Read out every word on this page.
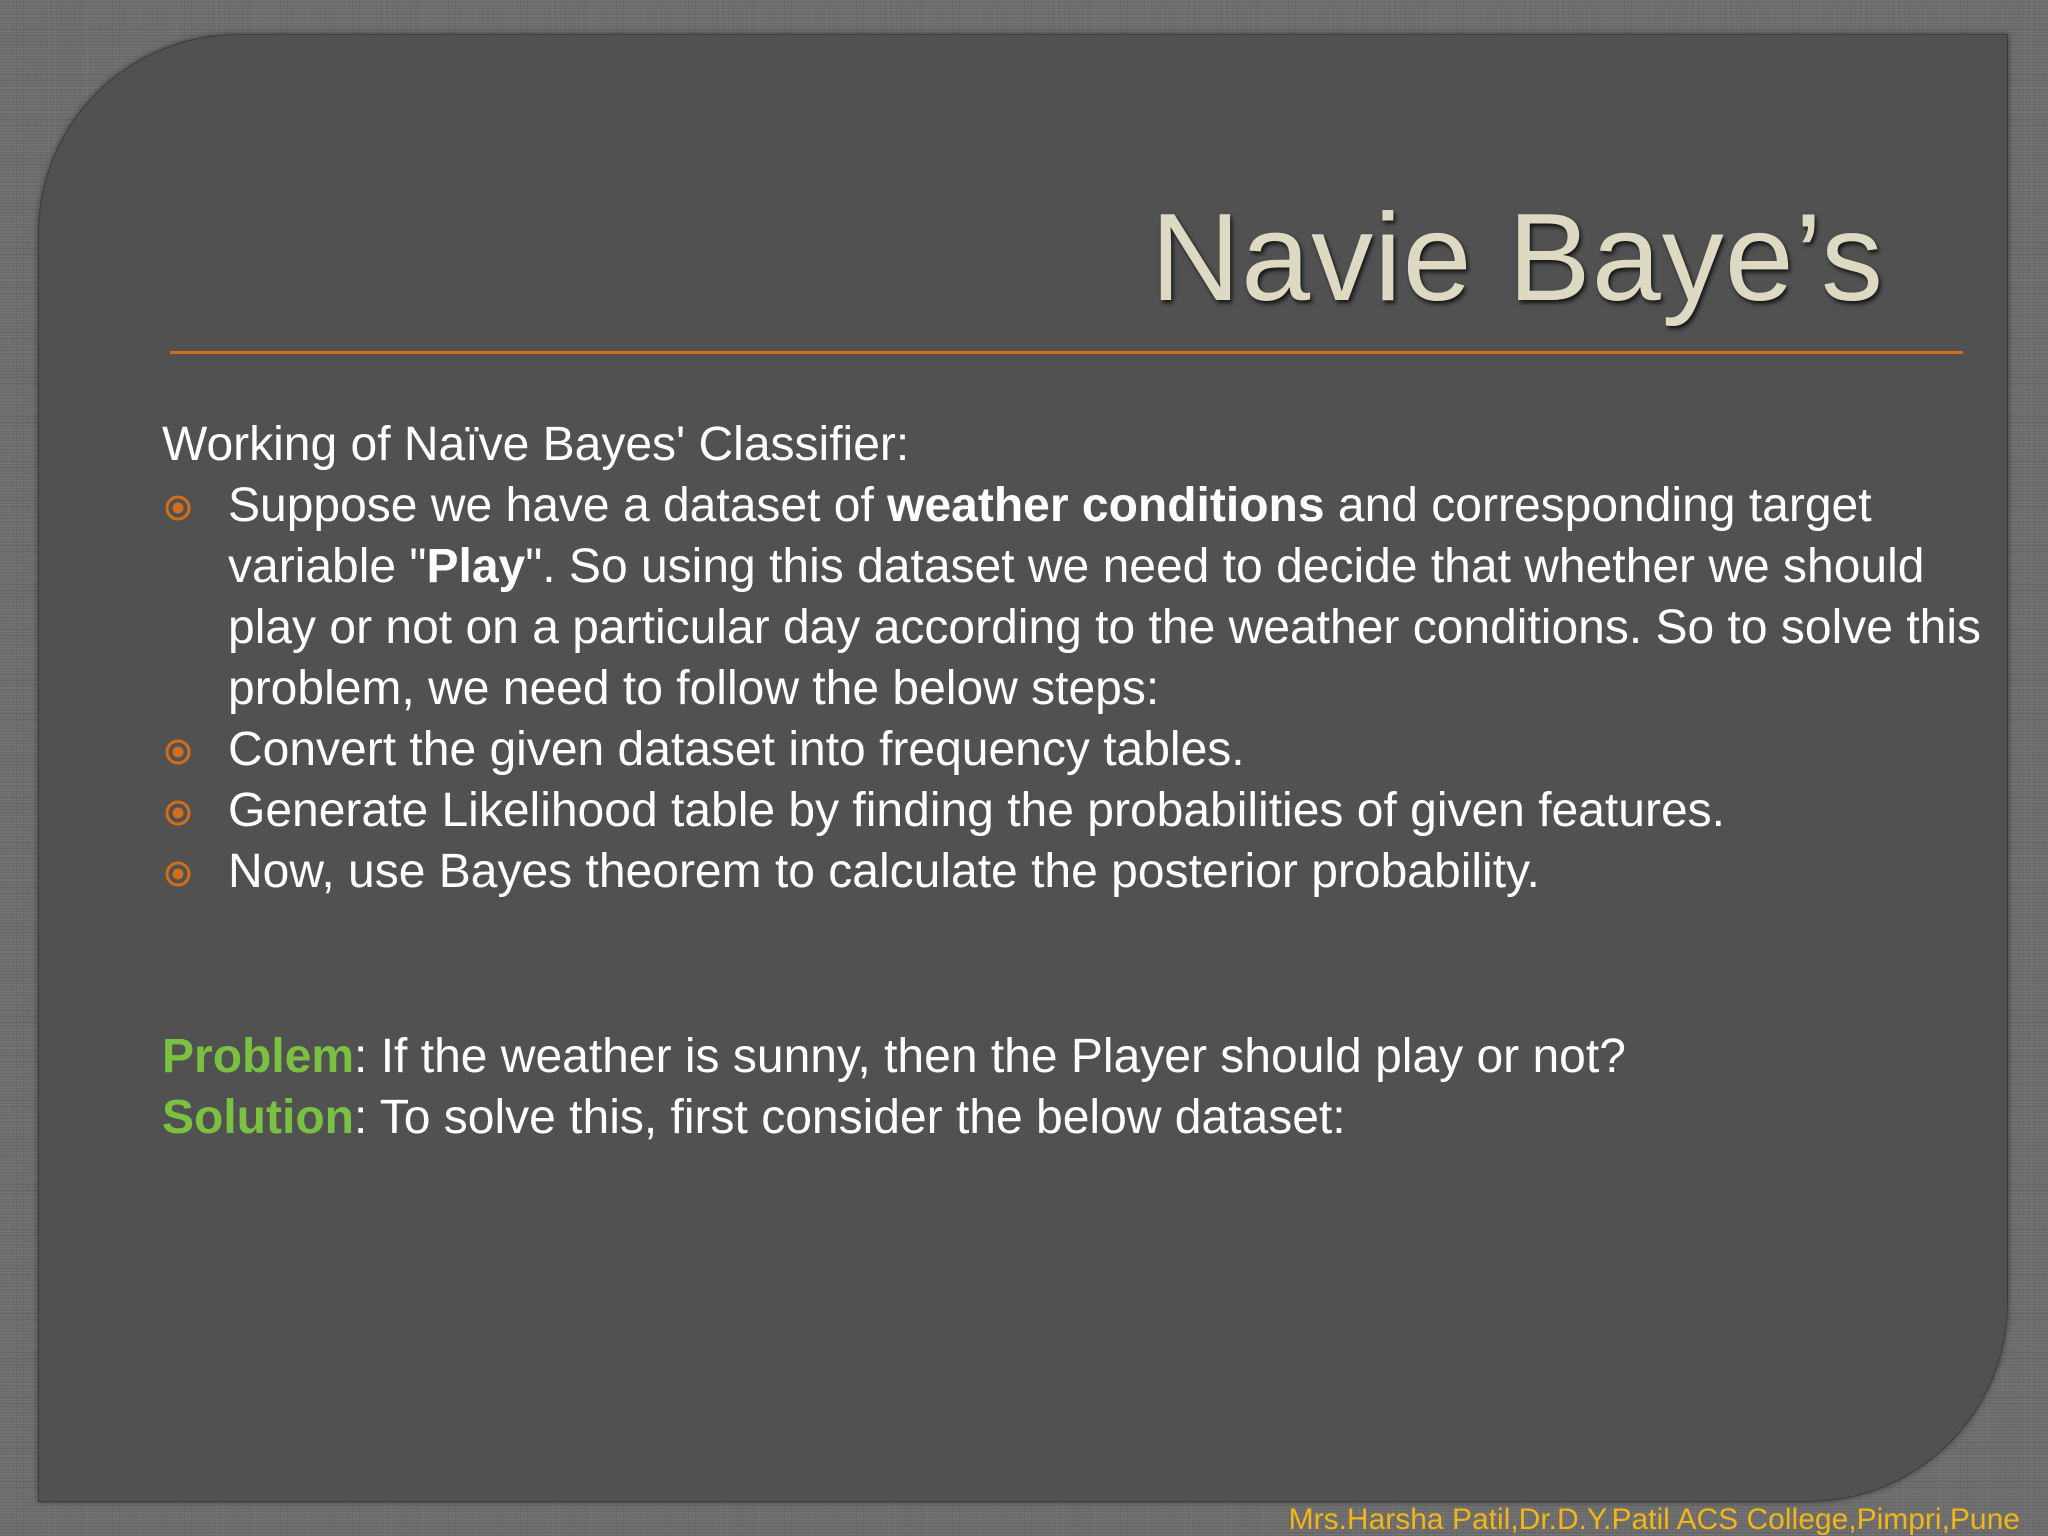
Navie Baye’s

Working of Naïve Bayes' Classifier:

Suppose we have a dataset of weather conditions and corresponding target variable "Play". So using this dataset we need to decide that whether we should play or not on a particular day according to the weather conditions. So to solve this problem, we need to follow the below steps:
Convert the given dataset into frequency tables.
Generate Likelihood table by finding the probabilities of given features.
Now, use Bayes theorem to calculate the posterior probability.

Problem: If the weather is sunny, then the Player should play or not?

Solution: To solve this, first consider the below dataset:

Mrs.Harsha Patil,Dr.D.Y.Patil ACS College,Pimpri,Pune
